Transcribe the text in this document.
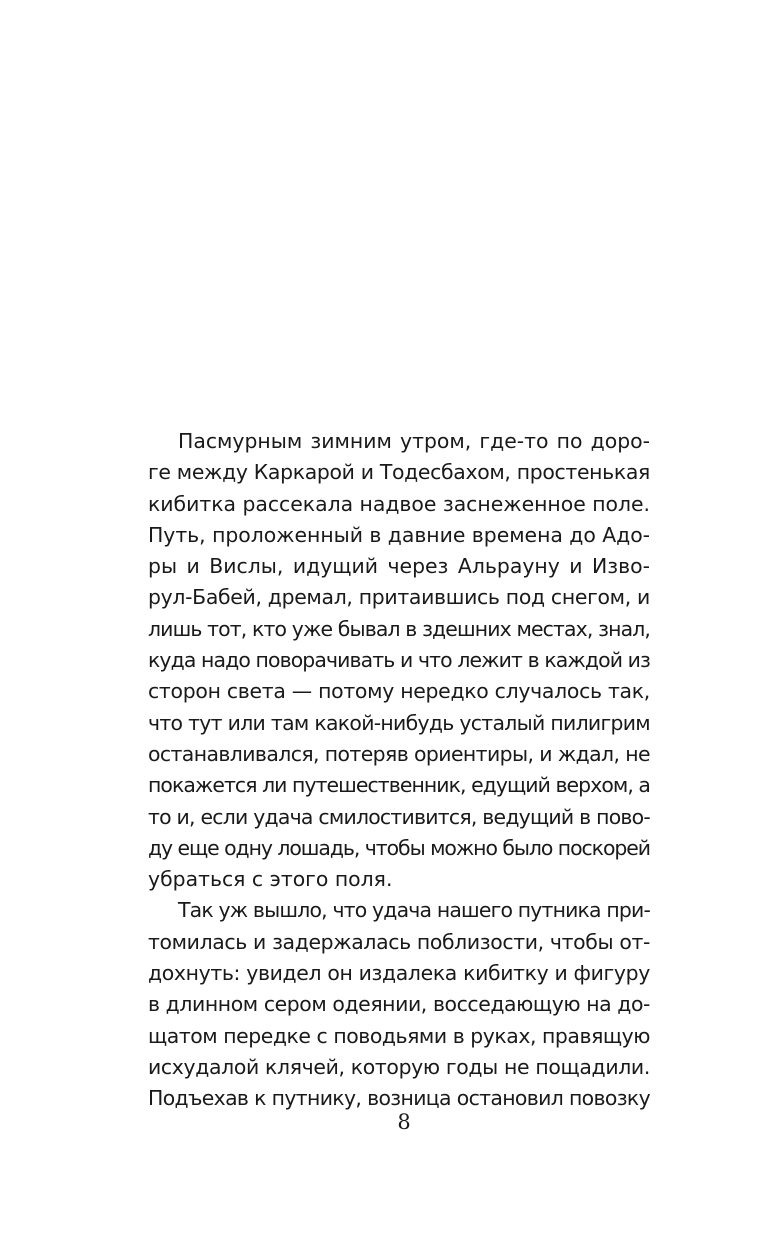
Пасмурным зимним утром, где-то по доро-
ге между Каркарой и Тодесбахом, простенькая
кибитка рассекала надвое заснеженное поле.
Путь, проложенный в давние времена до Адо-
ры и Вислы, идущий через Альрауну и Изво-
рул-Бабей, дремал, притаившись под снегом, и
лишь тот, кто уже бывал в здешних местах, знал,
куда надо поворачивать и что лежит в каждой из
сторон света — потому нередко случалось так,
что тут или там какой-нибудь усталый пилигрим
останавливался, потеряв ориентиры, и ждал, не
покажется ли путешественник, едущий верхом, а
то и, если удача смилостивится, ведущий в пово-
ду еще одну лошадь, чтобы можно было поскорей
убраться с этого поля.
Так уж вышло, что удача нашего путника при-
томилась и задержалась поблизости, чтобы от-
дохнуть: увидел он издалека кибитку и фигуру
в длинном сером одеянии, восседающую на до-
щатом передке с поводьями в руках, правящую
исхудалой клячей, которую годы не пощадили.
Подъехав к путнику, возница остановил повозку
8
